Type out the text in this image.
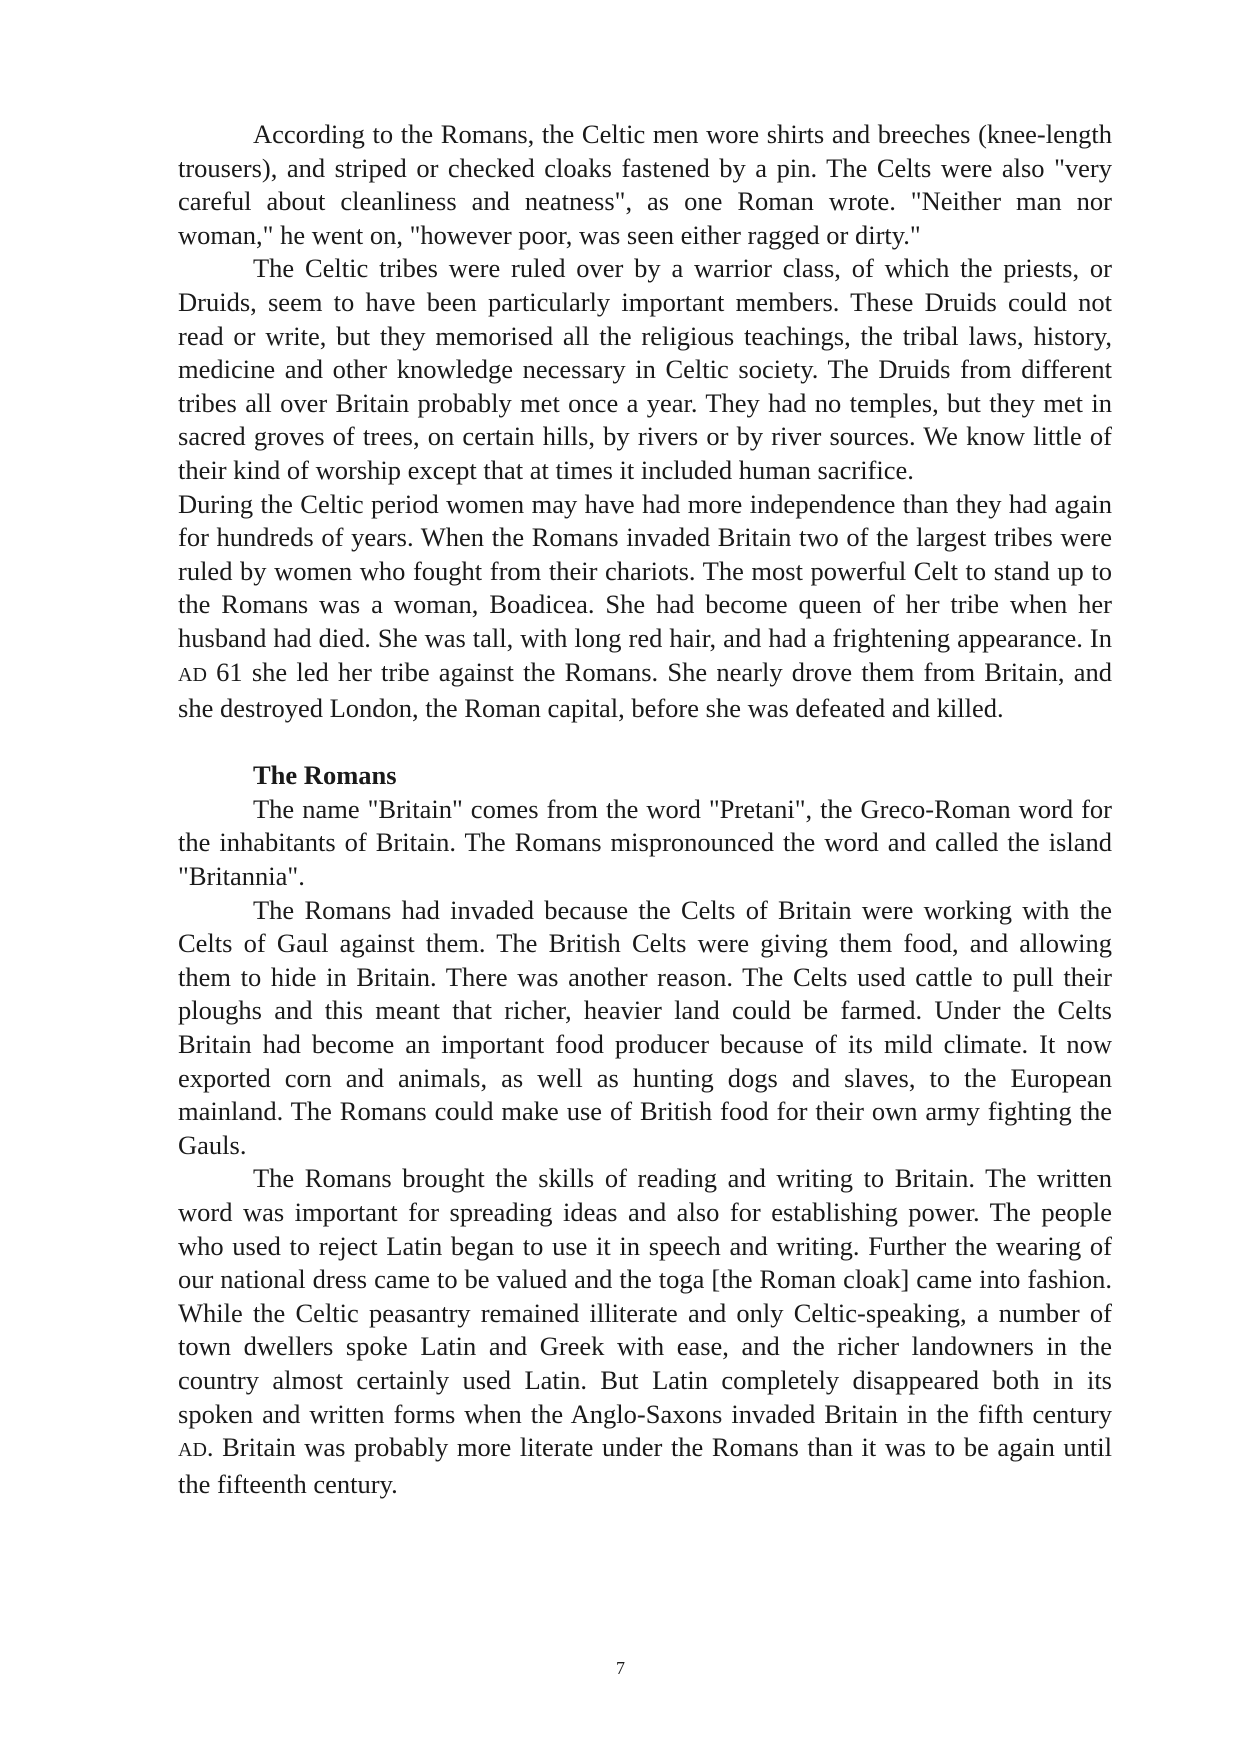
According to the Romans, the Celtic men wore shirts and breeches (knee-length trousers), and striped or checked cloaks fastened by a pin. The Celts were also "very careful about cleanliness and neatness", as one Roman wrote. "Neither man nor woman," he went on, "however poor, was seen either ragged or dirty."

The Celtic tribes were ruled over by a warrior class, of which the priests, or Druids, seem to have been particularly important members. These Druids could not read or write, but they memorised all the religious teachings, the tribal laws, history, medicine and other knowledge necessary in Celtic society. The Druids from different tribes all over Britain probably met once a year. They had no temples, but they met in sacred groves of trees, on certain hills, by rivers or by river sources. We know little of their kind of worship except that at times it included human sacrifice.

During the Celtic period women may have had more independence than they had again for hundreds of years. When the Romans invaded Britain two of the largest tribes were ruled by women who fought from their chariots. The most powerful Celt to stand up to the Romans was a woman, Boadicea. She had become queen of her tribe when her husband had died. She was tall, with long red hair, and had a frightening appearance. In AD 61 she led her tribe against the Romans. She nearly drove them from Britain, and she destroyed London, the Roman capital, before she was defeated and killed.

The Romans

The name "Britain" comes from the word "Pretani", the Greco-Roman word for the inhabitants of Britain. The Romans mispronounced the word and called the island "Britannia".

The Romans had invaded because the Celts of Britain were working with the Celts of Gaul against them. The British Celts were giving them food, and allowing them to hide in Britain. There was another reason. The Celts used cattle to pull their ploughs and this meant that richer, heavier land could be farmed. Under the Celts Britain had become an important food producer because of its mild climate. It now exported corn and animals, as well as hunting dogs and slaves, to the European mainland. The Romans could make use of British food for their own army fighting the Gauls.

The Romans brought the skills of reading and writing to Britain. The written word was important for spreading ideas and also for establishing power. The people who used to reject Latin began to use it in speech and writing. Further the wearing of our national dress came to be valued and the toga [the Roman cloak] came into fashion. While the Celtic peasantry remained illiterate and only Celtic-speaking, a number of town dwellers spoke Latin and Greek with ease, and the richer landowners in the country almost certainly used Latin. But Latin completely disappeared both in its spoken and written forms when the Anglo-Saxons invaded Britain in the fifth century AD. Britain was probably more literate under the Romans than it was to be again until the fifteenth century.

7
